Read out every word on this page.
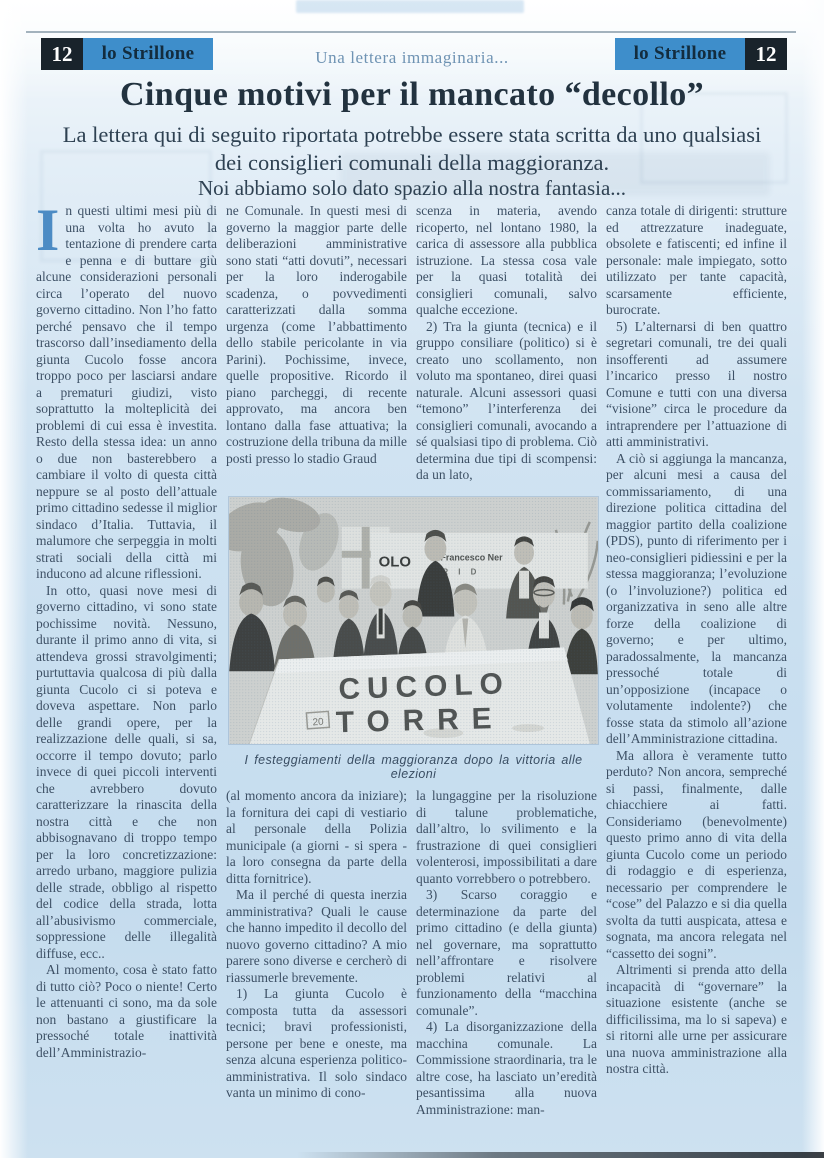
12	lo Strillone	Una lettera immaginaria...	lo Strillone	12
Cinque motivi per il mancato “decollo”
La lettera qui di seguito riportata potrebbe essere stata scritta da uno qualsiasi
dei consiglieri comunali della maggioranza.
Noi abbiamo solo dato spazio alla nostra fantasia...

In questi ultimi mesi più di una volta ho avuto la tentazione di prendere carta e penna e di buttare giù alcune considerazioni personali circa l’operato del nuovo governo cittadino. Non l’ho fatto perché pensavo che il tempo trascorso dall’insediamento della giunta Cucolo fosse ancora troppo poco per lasciarsi andare a prematuri giudizi, visto soprattutto la molteplicità dei problemi di cui essa è investita. Resto della stessa idea: un anno o due non basterebbero a cambiare il volto di questa città neppure se al posto dell’attuale primo cittadino sedesse il miglior sindaco d’Italia. Tuttavia, il malumore che serpeggia in molti strati sociali della città mi inducono ad alcune riflessioni.

In otto, quasi nove mesi di governo cittadino, vi sono state pochissime novità. Nessuno, durante il primo anno di vita, si attendeva grossi stravolgimenti; purtuttavia qualcosa di più dalla giunta Cucolo ci si poteva e doveva aspettare. Non parlo delle grandi opere, per la realizzazione delle quali, si sa, occorre il tempo dovuto; parlo invece di quei piccoli interventi che avrebbero dovuto caratterizzare la rinascita della nostra città e che non abbisognavano di troppo tempo per la loro concretizzazione: arredo urbano, maggiore pulizia delle strade, obbligo al rispetto del codice della strada, lotta all’abusivismo commerciale, soppressione delle illegalità diffuse, ecc..

Al momento, cosa è stato fatto di tutto ciò? Poco o niente! Certo le attenuanti ci sono, ma da sole non bastano a giustificare la pressoché totale inattività dell’Amministrazio-

ne Comunale. In questi mesi di governo la maggior parte delle deliberazioni amministrative sono stati “atti dovuti”, necessari per la loro inderogabile scadenza, o povvedimenti caratterizzati dalla somma urgenza (come l’abbattimento dello stabile pericolante in via Parini). Pochissime, invece, quelle propositive. Ricordo il piano parcheggi, di recente approvato, ma ancora ben lontano dalla fase attuativa; la costruzione della tribuna da mille posti presso lo stadio Graud

scenza in materia, avendo ricoperto, nel lontano 1980, la carica di assessore alla pubblica istruzione. La stessa cosa vale per la quasi totalità dei consiglieri comunali, salvo qualche eccezione.

2) Tra la giunta (tecnica) e il gruppo consiliare (politico) si è creato uno scollamento, non voluto ma spontaneo, direi quasi naturale. Alcuni assessori quasi “temono” l’interferenza dei consiglieri comunali, avocando a sé qualsiasi tipo di problema. Ciò determina due tipi di scompensi: da un lato,

I festeggiamenti della maggioranza dopo la vittoria alle elezioni

(al momento ancora da iniziare); la fornitura dei capi di vestiario al personale della Polizia municipale (a giorni - si spera - la loro consegna da parte della ditta fornitrice).

Ma il perché di questa inerzia amministrativa? Quali le cause che hanno impedito il decollo del nuovo governo cittadino? A mio parere sono diverse e cercherò di riassumerle brevemente.

1) La giunta Cucolo è composta tutta da assessori tecnici; bravi professionisti, persone per bene e oneste, ma senza alcuna esperienza politico-amministrativa. Il solo sindaco vanta un minimo di cono-

la lungaggine per la risoluzione di talune problematiche, dall’altro, lo svilimento e la frustrazione di quei consiglieri volenterosi, impossibilitati a dare quanto vorrebbero o potrebbero.

3) Scarso coraggio e determinazione da parte del primo cittadino (e della giunta) nel governare, ma soprattutto nell’affrontare e risolvere problemi relativi al funzionamento della “macchina comunale”.

4) La disorganizzazione della macchina comunale. La Commissione straordinaria, tra le altre cose, ha lasciato un’eredità pesantissima alla nuova Amministrazione: man-

canza totale di dirigenti: strutture ed attrezzature inadeguate, obsolete e fatiscenti; ed infine il personale: male impiegato, sotto utilizzato per tante capacità, scarsamente efficiente, burocrate.

5) L’alternarsi di ben quattro segretari comunali, tre dei quali insofferenti ad assumere l’incarico presso il nostro Comune e tutti con una diversa “visione” circa le procedure da intraprendere per l’attuazione di atti amministrativi.

A ciò si aggiunga la mancanza, per alcuni mesi a causa del commissariamento, di una direzione politica cittadina del maggior partito della coalizione (PDS), punto di riferimento per i neo-consiglieri pidiessini e per la stessa maggioranza; l’evoluzione (o l’involuzione?) politica ed organizzativa in seno alle altre forze della coalizione di governo; e per ultimo, paradossalmente, la mancanza pressoché totale di un’opposizione (incapace o volutamente indolente?) che fosse stata da stimolo all’azione dell’Amministrazione cittadina.

Ma allora è veramente tutto perduto? Non ancora, sempreché si passi, finalmente, dalle chiacchiere ai fatti. Consideriamo (benevolmente) questo primo anno di vita della giunta Cucolo come un periodo di rodaggio e di esperienza, necessario per comprendere le “cose” del Palazzo e si dia quella svolta da tutti auspicata, attesa e sognata, ma ancora relegata nel “cassetto dei sogni”.

Altrimenti si prenda atto della incapacità di “governare” la situazione esistente (anche se difficilissima, ma lo si sapeva) e si ritorni alle urne per assicurare una nuova amministrazione alla nostra città.
